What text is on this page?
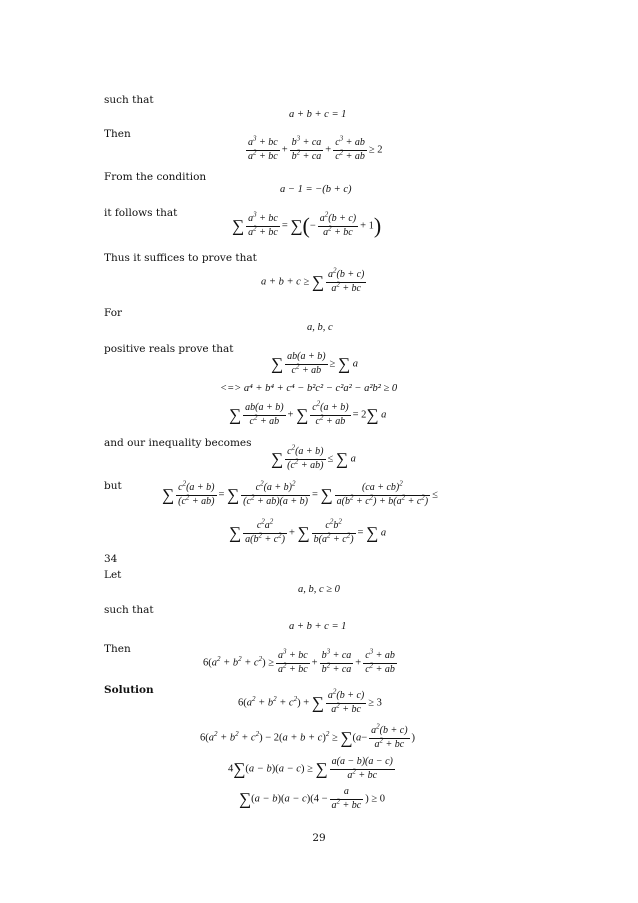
such that
Then
From the condition
it follows that
Thus it suffices to prove that
For
positive reals prove that
and our inequality becomes
but
34
Let
such that
Then
Solution
a + b + c = 1
$\frac{a^3 + bc}{a^2 + bc} + \frac{b^3 + ca}{b^2 + ca} + \frac{c^3 + ab}{c^2 + ab} \ge 2$
a − 1 = −(b + c)
∑ $\frac{a^3 + bc}{a^2 + bc}$ = ∑(− $\frac{a^2(b + c)}{a^2 + bc} + 1$)
a + b + c ≥ ∑ $\frac{a^2(b + c)}{a^2 + bc}$
a, b, c
∑ $\frac{ab(a + b)}{c^2 + ab}$ ≥ ∑ a
<=> a⁴ + b⁴ + c⁴ − b²c² − c²a² − a²b² ≥ 0
∑ $\frac{ab(a + b)}{c^2 + ab}$ + ∑ $\frac{c^2(a + b)}{c^2 + ab} = 2\sum$ a
∑ $\frac{c^2(a + b)}{(c^2 + ab)}$ ≤ ∑ a
∑ $\frac{c^2(a + b)}{(c^2 + ab)}$ = ∑ $\frac{c^2(a + b)^2}{(c^2 + ab)(a + b)}$ = ∑ $\frac{(ca + cb)^2}{a(b^2 + c^2) + b(a^2 + c^2)}$ ≤
∑ $\frac{c^2a^2}{a(b^2 + c^2)}$ + ∑ $\frac{c^2b^2}{b(a^2 + c^2)}$ = ∑ a
a, b, c ≥ 0
a + b + c = 1
$6(a^2 + b^2 + c^2) \ge \frac{a^3 + bc}{a^2 + bc} + \frac{b^3 + ca}{b^2 + ca} + \frac{c^3 + ab}{c^2 + ab}$
$6(a^2 + b^2 + c^2)$ + ∑ $\frac{a^2(b + c)}{a^2 + bc} \ge 3$
$6(a^2 + b^2 + c^2) - 2(a + b + c)^2 \ge \sum(a- \frac{a^2(b + c)}{a^2 + bc}$ )
4∑(a − b)(a − c) ≥ ∑ $\frac{a(a - b)(a - c)}{a^2 + bc}$
$\sum(a - b)(a - c)(4 - \frac{a}{a^2 + bc}$ ) ≥ 0
29
